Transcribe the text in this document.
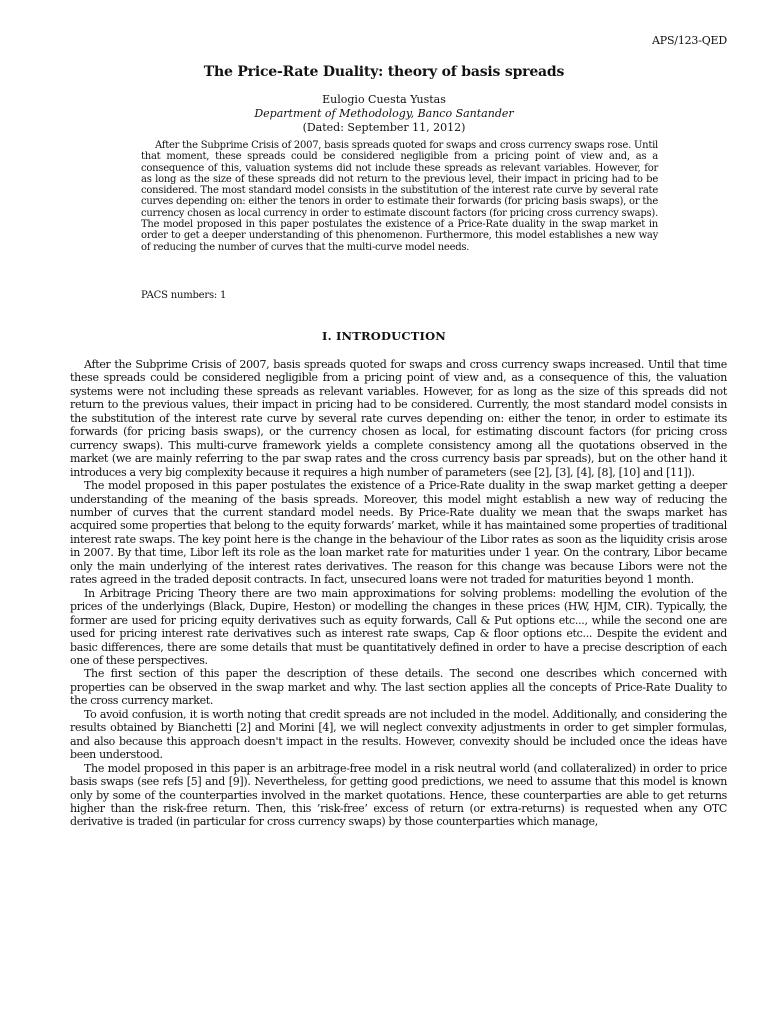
APS/123-QED
The Price-Rate Duality: theory of basis spreads
Eulogio Cuesta Yustas
Department of Methodology, Banco Santander
(Dated: September 11, 2012)

After the Subprime Crisis of 2007, basis spreads quoted for swaps and cross currency swaps rose. Until that moment, these spreads could be considered negligible from a pricing point of view and, as a consequence of this, valuation systems did not include these spreads as relevant variables. However, for as long as the size of these spreads did not return to the previous level, their impact in pricing had to be considered. The most standard model consists in the substitution of the interest rate curve by several rate curves depending on: either the tenors in order to estimate their forwards (for pricing basis swaps), or the currency chosen as local currency in order to estimate discount factors (for pricing cross currency swaps). The model proposed in this paper postulates the existence of a Price-Rate duality in the swap market in order to get a deeper understanding of this phenomenon. Furthermore, this model establishes a new way of reducing the number of curves that the multi-curve model needs.

PACS numbers: 1
I. INTRODUCTION

After the Subprime Crisis of 2007, basis spreads quoted for swaps and cross currency swaps increased. Until that time these spreads could be considered negligible from a pricing point of view and, as a consequence of this, the valuation systems were not including these spreads as relevant variables. However, for as long as the size of this spreads did not return to the previous values, their impact in pricing had to be considered. Currently, the most standard model consists in the substitution of the interest rate curve by several rate curves depending on: either the tenor, in order to estimate its forwards (for pricing basis swaps), or the currency chosen as local, for estimating discount factors (for pricing cross currency swaps). This multi-curve framework yields a complete consistency among all the quotations observed in the market (we are mainly referring to the par swap rates and the cross currency basis par spreads), but on the other hand it introduces a very big complexity because it requires a high number of parameters (see [2], [3], [4], [8], [10] and [11]).

The model proposed in this paper postulates the existence of a Price-Rate duality in the swap market getting a deeper understanding of the meaning of the basis spreads. Moreover, this model might establish a new way of reducing the number of curves that the current standard model needs. By Price-Rate duality we mean that the swaps market has acquired some properties that belong to the equity forwards’ market, while it has maintained some properties of traditional interest rate swaps. The key point here is the change in the behaviour of the Libor rates as soon as the liquidity crisis arose in 2007. By that time, Libor left its role as the loan market rate for maturities under 1 year. On the contrary, Libor became only the main underlying of the interest rates derivatives. The reason for this change was because Libors were not the rates agreed in the traded deposit contracts. In fact, unsecured loans were not traded for maturities beyond 1 month.

In Arbitrage Pricing Theory there are two main approximations for solving problems: modelling the evolution of the prices of the underlyings (Black, Dupire, Heston) or modelling the changes in these prices (HW, HJM, CIR). Typically, the former are used for pricing equity derivatives such as equity forwards, Call & Put options etc..., while the second one are used for pricing interest rate derivatives such as interest rate swaps, Cap & floor options etc... Despite the evident and basic differences, there are some details that must be quantitatively defined in order to have a precise description of each one of these perspectives.

The first section of this paper the description of these details. The second one describes which concerned with properties can be observed in the swap market and why. The last section applies all the concepts of Price-Rate Duality to the cross currency market.

To avoid confusion, it is worth noting that credit spreads are not included in the model. Additionally, and considering the results obtained by Bianchetti [2] and Morini [4], we will neglect convexity adjustments in order to get simpler formulas, and also because this approach doesn't impact in the results. However, convexity should be included once the ideas have been understood.

The model proposed in this paper is an arbitrage-free model in a risk neutral world (and collateralized) in order to price basis swaps (see refs [5] and [9]). Nevertheless, for getting good predictions, we need to assume that this model is known only by some of the counterparties involved in the market quotations. Hence, these counterparties are able to get returns higher than the risk-free return. Then, this ’risk-free’ excess of return (or extra-returns) is requested when any OTC derivative is traded (in particular for cross currency swaps) by those counterparties which manage,
